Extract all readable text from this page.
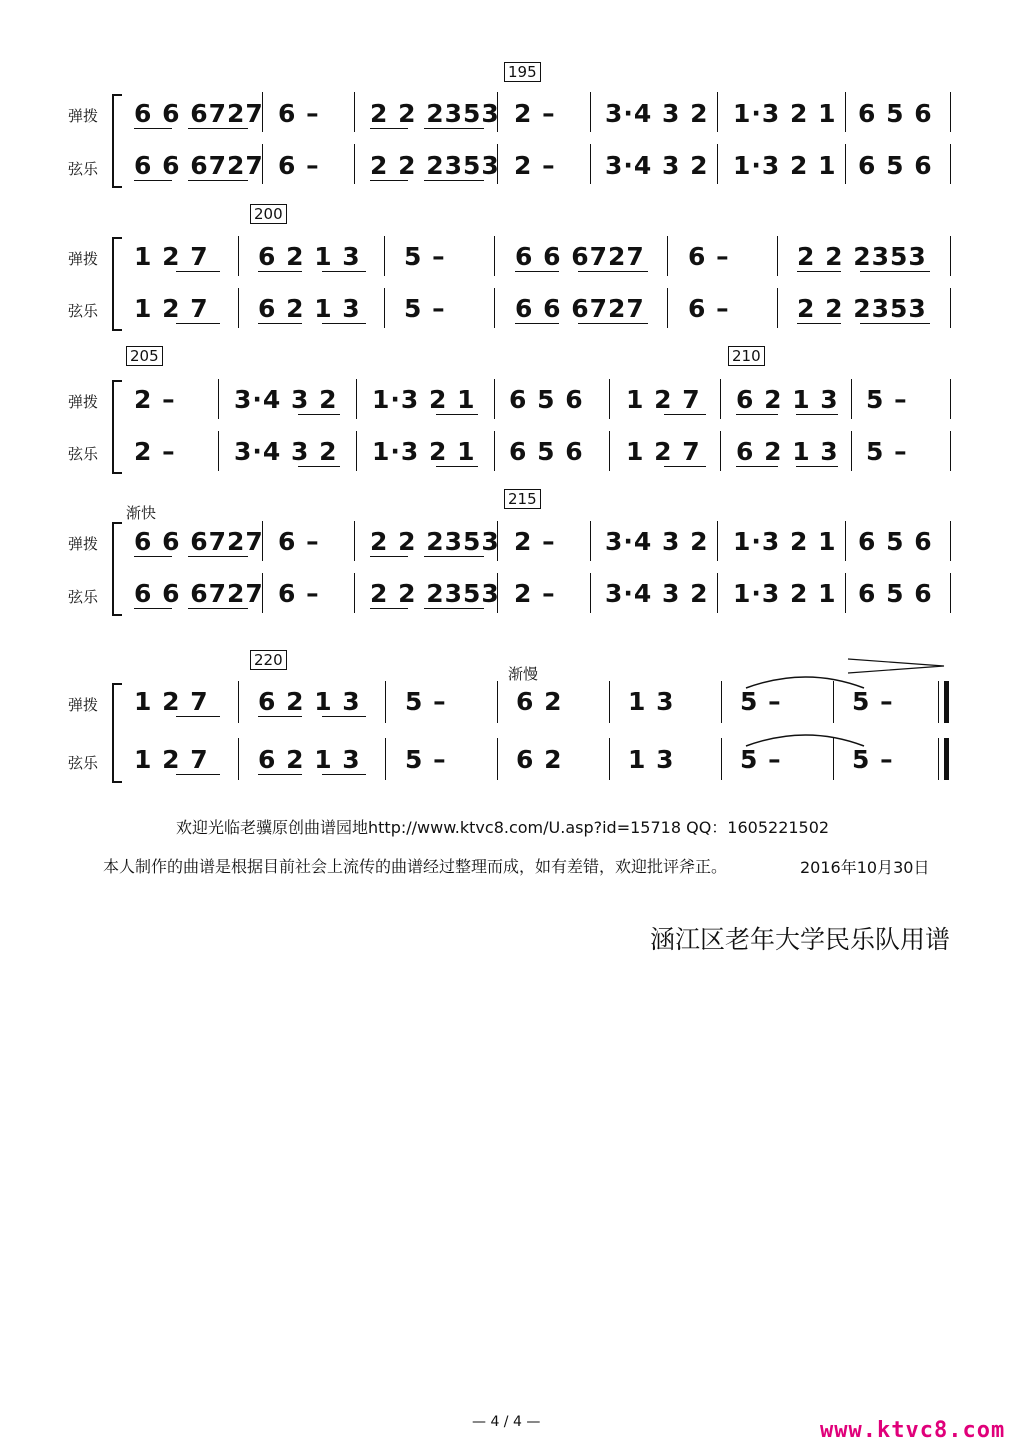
195
弹拨
弦乐
6 6 6727 6 – 2 2 2353 2 – 3·4 3 2 1·3 2 1 6 5 6
6 6 6727 6 – 2 2 2353 2 – 3·4 3 2 1·3 2 1 6 5 6
200
弹拨
弦乐
1 2 7 6 2 1 3 5 –	6 6 6727 6 –	2 2 2353
1 2 7 6 2 1 3 5 –	6 6 6727 6 –	2 2 2353
205	210
弹拨
弦乐
2 – 3·4 3 2 1·3 2 1 6 5 6 1 2 7 6 2 1 3 5 –
2 – 3·4 3 2 1·3 2 1 6 5 6 1 2 7 6 2 1 3 5 –
渐快
215
弹拨
弦乐
6 6 6727 6 – 2 2 2353 2 – 3·4 3 2 1·3 2 1 6 5 6
6 6 6727 6 – 2 2 2353 2 – 3·4 3 2 1·3 2 1 6 5 6
220
渐慢
弹拨
弦乐
1 2 7 6 2 1 3 5 –	6 2	1 3	5 –	5 –
1 2 7 6 2 1 3 5 –	6 2	1 3	5 –	5 –
欢迎光临老骥原创曲谱园地http://www.ktvc8.com/U.asp?id=15718 QQ：1605221502
本人制作的曲谱是根据目前社会上流传的曲谱经过整理而成，如有差错，欢迎批评斧正。	2016年10月30日
涵江区老年大学民乐队用谱
— 4 / 4 —	www.ktvc8.com
